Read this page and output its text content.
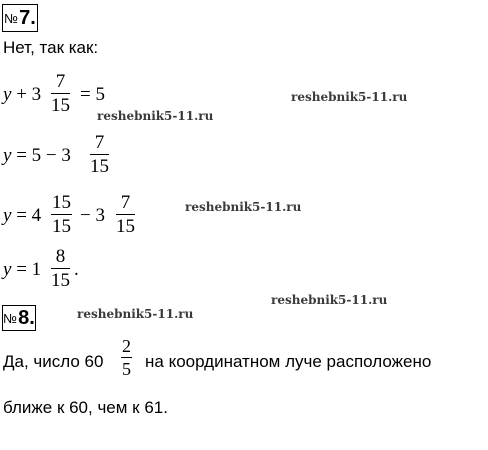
№ 7.
Нет, так как:
$y + 3 \frac{7}{15} = 5$
$y = 5 - 3 \frac{7}{15}$
$y = 4 \frac{15}{15} - 3 \frac{7}{15}$
$y = 1 \frac{8}{15}$ .
№ 8.
Да, число $60 \frac{2}{5}$ на координатном луче расположено
ближе к 60, чем к 61.
reshebnik5-11.ru
reshebnik5-11.ru
reshebnik5-11.ru
reshebnik5-11.ru
reshebnik5-11.ru
